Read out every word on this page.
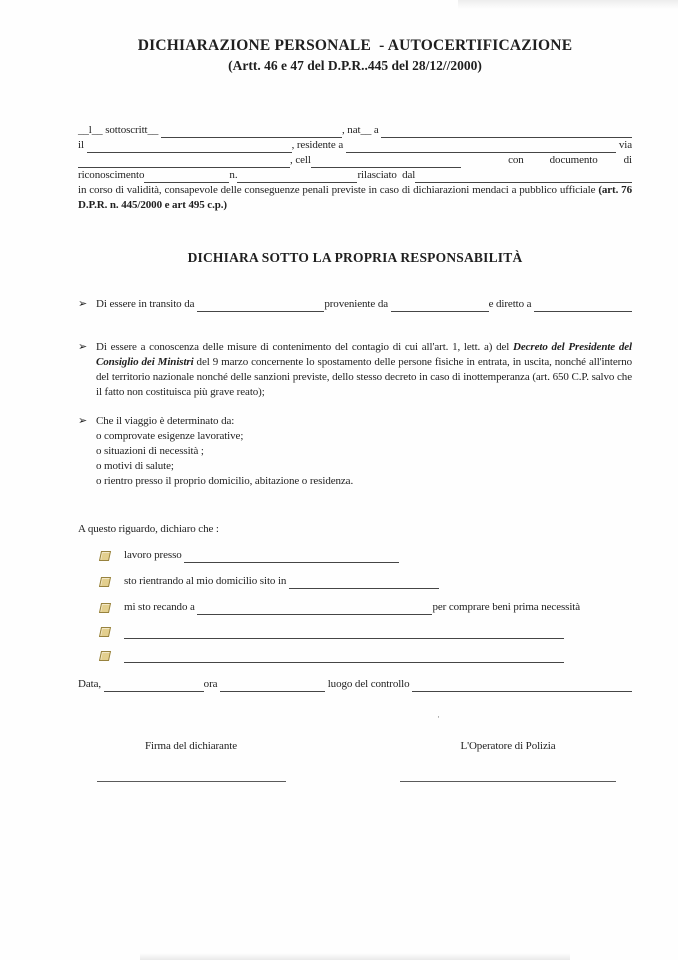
DICHIARAZIONE PERSONALE  - AUTOCERTIFICAZIONE
(Artt. 46 e 47 del D.P.R..445 del 28/12//2000)
__l__ sottoscritt__	, nat__ a
il	, residente a	via
, cell	con documento di
riconoscimento	n.	rilasciato  dal

in corso di validità, consapevole delle conseguenze penali previste in caso di dichiarazioni mendaci a pubblico ufficiale (art. 76 D.P.R. n. 445/2000 e art 495 c.p.)

DICHIARA SOTTO LA PROPRIA RESPONSABILITÀ
➢ Di essere in transito da	proveniente da	e diretto a
➢ Di essere a conoscenza delle misure di contenimento del contagio di cui all'art. 1, lett. a) del Decreto del Presidente del Consiglio dei Ministri del 9 marzo concernente lo spostamento delle persone fisiche in entrata, in uscita, nonché all'interno del territorio nazionale nonché delle sanzioni previste, dello stesso decreto in caso di inottemperanza (art. 650 C.P. salvo che il fatto non costituisca più grave reato);

➢ Che il viaggio è determinato da:

o comprovate esigenze lavorative;

o situazioni di necessità ;

o motivi di salute;

o rientro presso il proprio domicilio, abitazione o residenza.

A questo riguardo, dichiaro che :
lavoro presso
sto rientrando al mio domicilio sito in
mi sto recando a	per comprare beni prima necessità
Data,	ora	luogo del controllo
Firma del dichiarante	L'Operatore di Polizia
·
